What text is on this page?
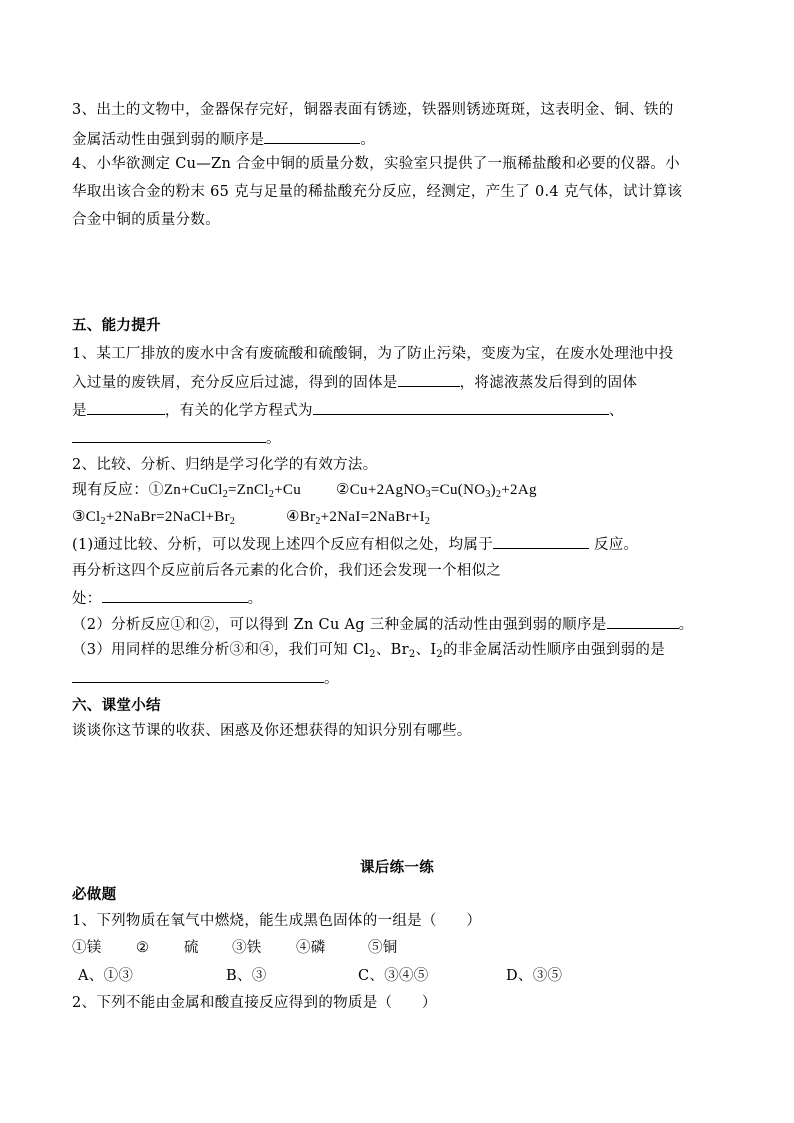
3、出土的文物中，金器保存完好，铜器表面有锈迹，铁器则锈迹斑斑，这表明金、铜、铁的
金属活动性由强到弱的顺序是	。
4、小华欲测定 Cu—Zn 合金中铜的质量分数，实验室只提供了一瓶稀盐酸和必要的仪器。小
华取出该合金的粉末 65 克与足量的稀盐酸充分反应，经测定，产生了 0.4 克气体，试计算该
合金中铜的质量分数。
五、能力提升
1、某工厂排放的废水中含有废硫酸和硫酸铜，为了防止污染，变废为宝，在废水处理池中投
入过量的废铁屑，充分反应后过滤，得到的固体是	，将滤液蒸发后得到的固体
是	，有关的化学方程式为	、
。
2、比较、分析、归纳是学习化学的有效方法。
现有反应：①Zn+CuCl$_2$=ZnCl$_2$+Cu $②Cu+2AgNO_3=Cu(NO_3)_2+2Ag$
$③Cl_2+2NaBr=2NaCl+Br_2$	$④Br_2+2NaI=2NaBr+I_2$
(1)通过比较、分析，可以发现上述四个反应有相似之处，均属于	反应。
再分析这四个反应前后各元素的化合价，我们还会发现一个相似之
处：	。
（2）分析反应①和②，可以得到 Zn Cu Ag 三种金属的活动性由强到弱的顺序是	。
（3）用同样的思维分析③和④，我们可知 $Cl_2$、$Br_2$、$I_2$的非金属活动性顺序由强到弱的是
。
六、课堂小结
谈谈你这节课的收获、困惑及你还想获得的知识分别有哪些。
课后练一练
必做题
1、下列物质在氧气中燃烧，能生成黑色固体的一组是（　　）
①镁 ② 硫 ③铁 ④磷	⑤铜
A、①③	B、③	C、③④⑤	D、③⑤
2、下列不能由金属和酸直接反应得到的物质是（　　）
